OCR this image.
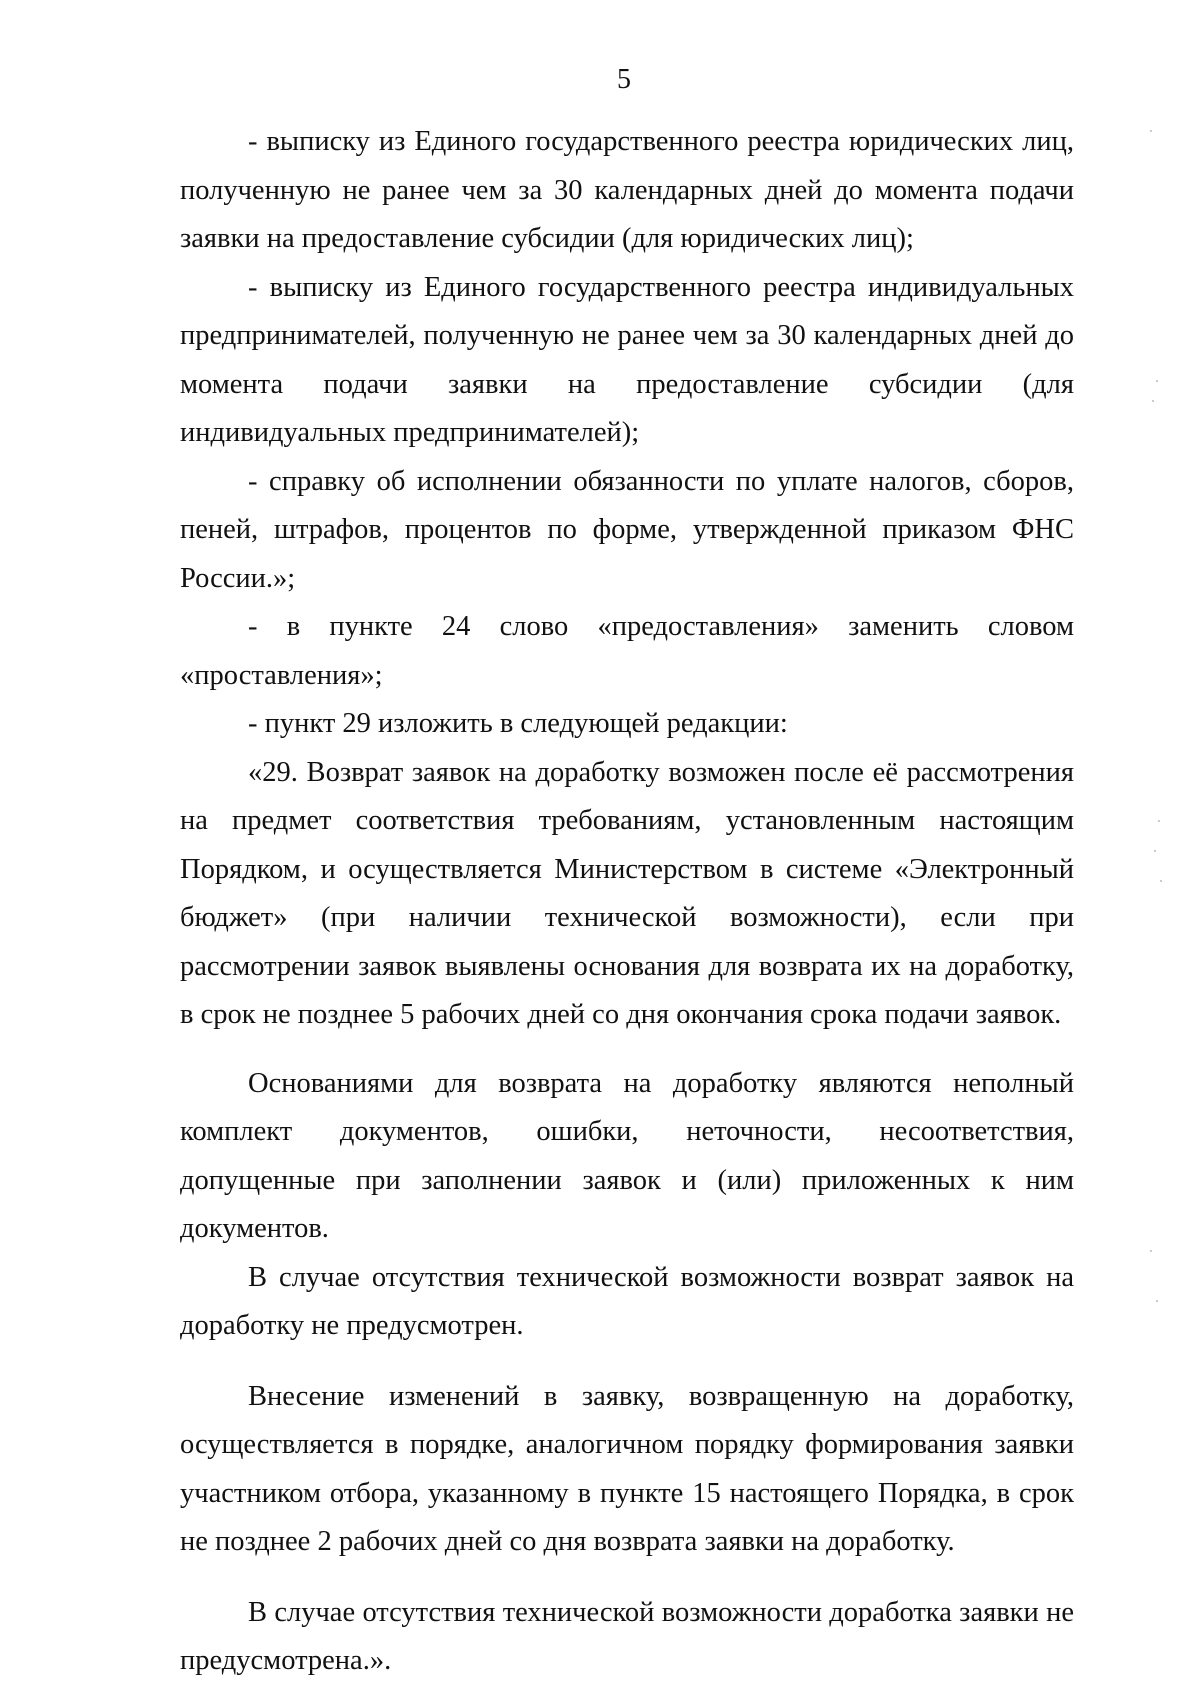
5

- выписку из Единого государственного реестра юридических лиц, полученную не ранее чем за 30 календарных дней до момента подачи заявки на предоставление субсидии (для юридических лиц);

- выписку из Единого государственного реестра индивидуальных предпринимателей, полученную не ранее чем за 30 календарных дней до момента подачи заявки на предоставление субсидии (для индивидуальных предпринимателей);

- справку об исполнении обязанности по уплате налогов, сборов, пеней, штрафов, процентов по форме, утвержденной приказом ФНС России.»;

- в пункте 24 слово «предоставления» заменить словом «проставления»;

- пункт 29 изложить в следующей редакции:

«29. Возврат заявок на доработку возможен после её рассмотрения на предмет соответствия требованиям, установленным настоящим Порядком, и осуществляется Министерством в системе «Электронный бюджет» (при наличии технической возможности), если при рассмотрении заявок выявлены основания для возврата их на доработку, в срок не позднее 5 рабочих дней со дня окончания срока подачи заявок.

Основаниями для возврата на доработку являются неполный комплект документов, ошибки, неточности, несоответствия, допущенные при заполнении заявок и (или) приложенных к ним документов.

В случае отсутствия технической возможности возврат заявок на доработку не предусмотрен.

Внесение изменений в заявку, возвращенную на доработку, осуществляется в порядке, аналогичном порядку формирования заявки участником отбора, указанному в пункте 15 настоящего Порядка, в срок не позднее 2 рабочих дней со дня возврата заявки на доработку.

В случае отсутствия технической возможности доработка заявки не предусмотрена.».
